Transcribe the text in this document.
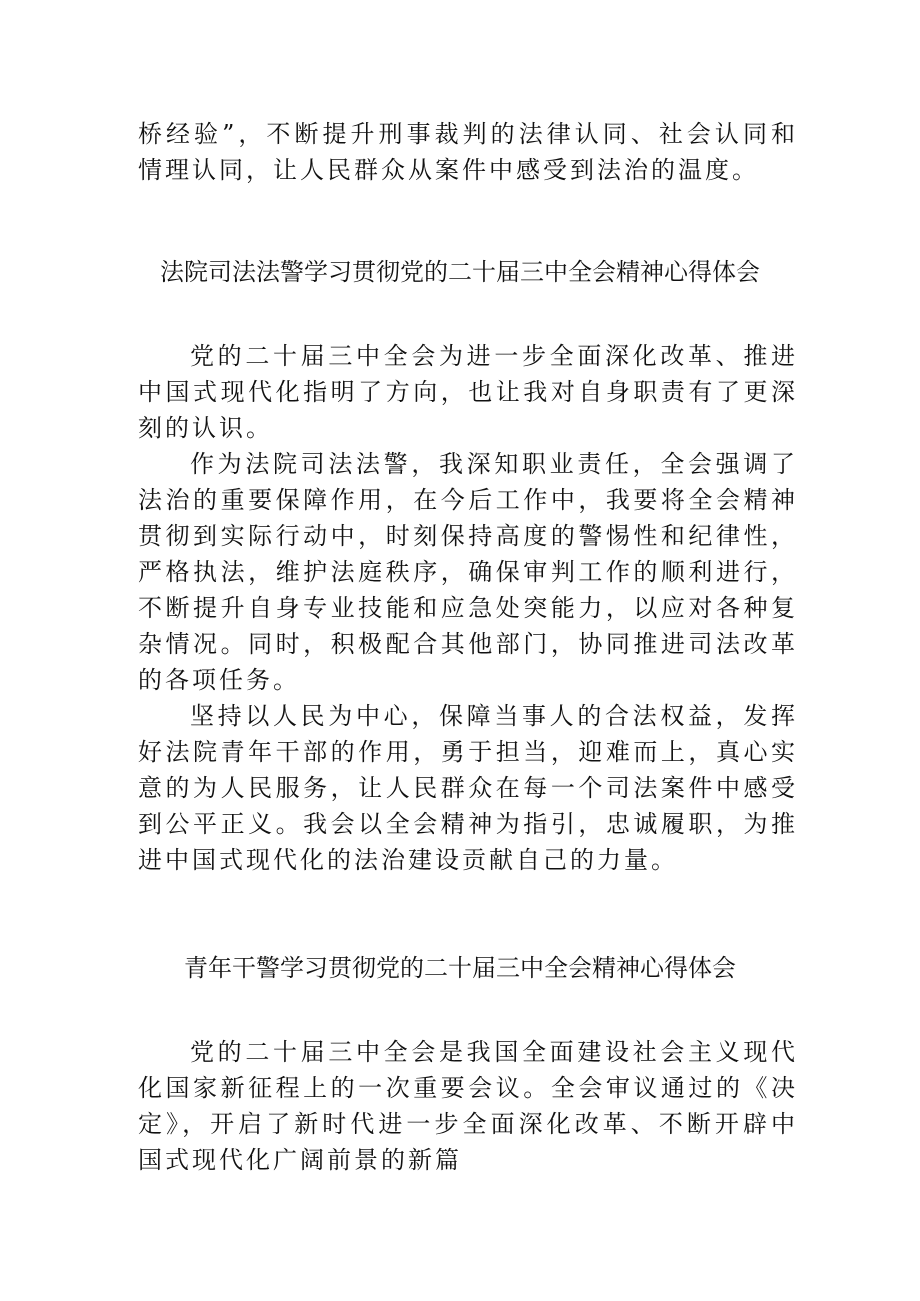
桥经验”，不断提升刑事裁判的法律认同、社会认同和情理认同，让人民群众从案件中感受到法治的温度。

法院司法法警学习贯彻党的二十届三中全会精神心得体会

党的二十届三中全会为进一步全面深化改革、推进中国式现代化指明了方向，也让我对自身职责有了更深刻的认识。

作为法院司法法警，我深知职业责任，全会强调了法治的重要保障作用，在今后工作中，我要将全会精神贯彻到实际行动中，时刻保持高度的警惕性和纪律性，严格执法，维护法庭秩序，确保审判工作的顺利进行，不断提升自身专业技能和应急处突能力，以应对各种复杂情况。同时，积极配合其他部门，协同推进司法改革的各项任务。

坚持以人民为中心，保障当事人的合法权益，发挥好法院青年干部的作用，勇于担当，迎难而上，真心实意的为人民服务，让人民群众在每一个司法案件中感受到公平正义。我会以全会精神为指引，忠诚履职，为推进中国式现代化的法治建设贡献自己的力量。

青年干警学习贯彻党的二十届三中全会精神心得体会

党的二十届三中全会是我国全面建设社会主义现代化国家新征程上的一次重要会议。全会审议通过的《决定》，开启了新时代进一步全面深化改革、不断开辟中国式现代化广阔前景的新篇
